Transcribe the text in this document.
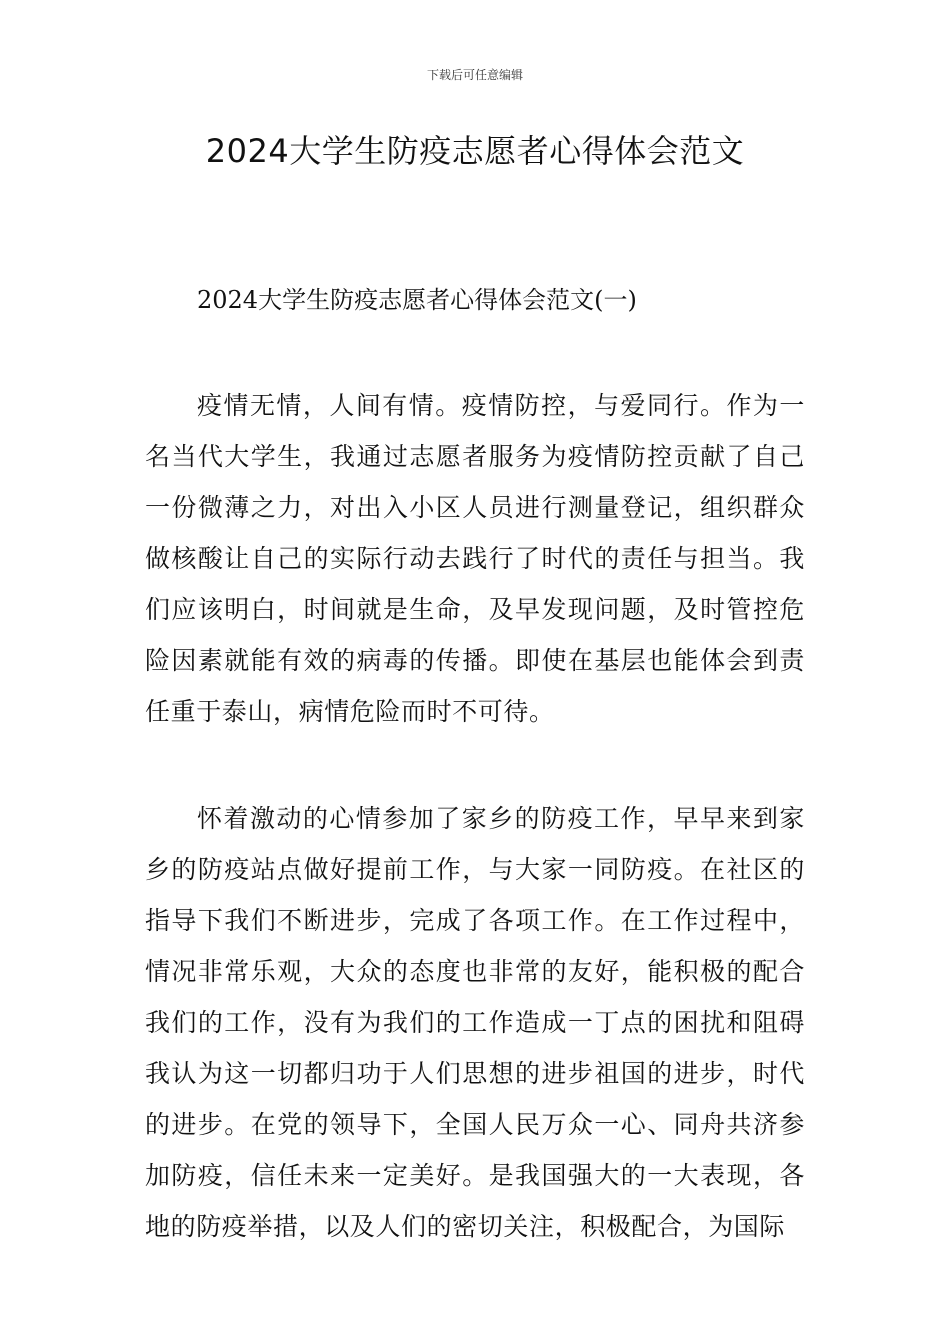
下载后可任意编辑
2024大学生防疫志愿者心得体会范文
2024大学生防疫志愿者心得体会范文(一)

疫情无情，人间有情。疫情防控，与爱同行。作为一名当代大学生，我通过志愿者服务为疫情防控贡献了自己一份微薄之力，对出入小区人员进行测量登记，组织群众做核酸让自己的实际行动去践行了时代的责任与担当。我们应该明白，时间就是生命，及早发现问题，及时管控危险因素就能有效的病毒的传播。即使在基层也能体会到责任重于泰山，病情危险而时不可待。

怀着激动的心情参加了家乡的防疫工作，早早来到家乡的防疫站点做好提前工作，与大家一同防疫。在社区的指导下我们不断进步，完成了各项工作。在工作过程中，情况非常乐观，大众的态度也非常的友好，能积极的配合我们的工作，没有为我们的工作造成一丁点的困扰和阻碍我认为这一切都归功于人们思想的进步祖国的进步，时代的进步。在党的领导下，全国人民万众一心、同舟共济参加防疫，信任未来一定美好。是我国强大的一大表现，各地的防疫举措，以及人们的密切关注，积极配合，为国际
